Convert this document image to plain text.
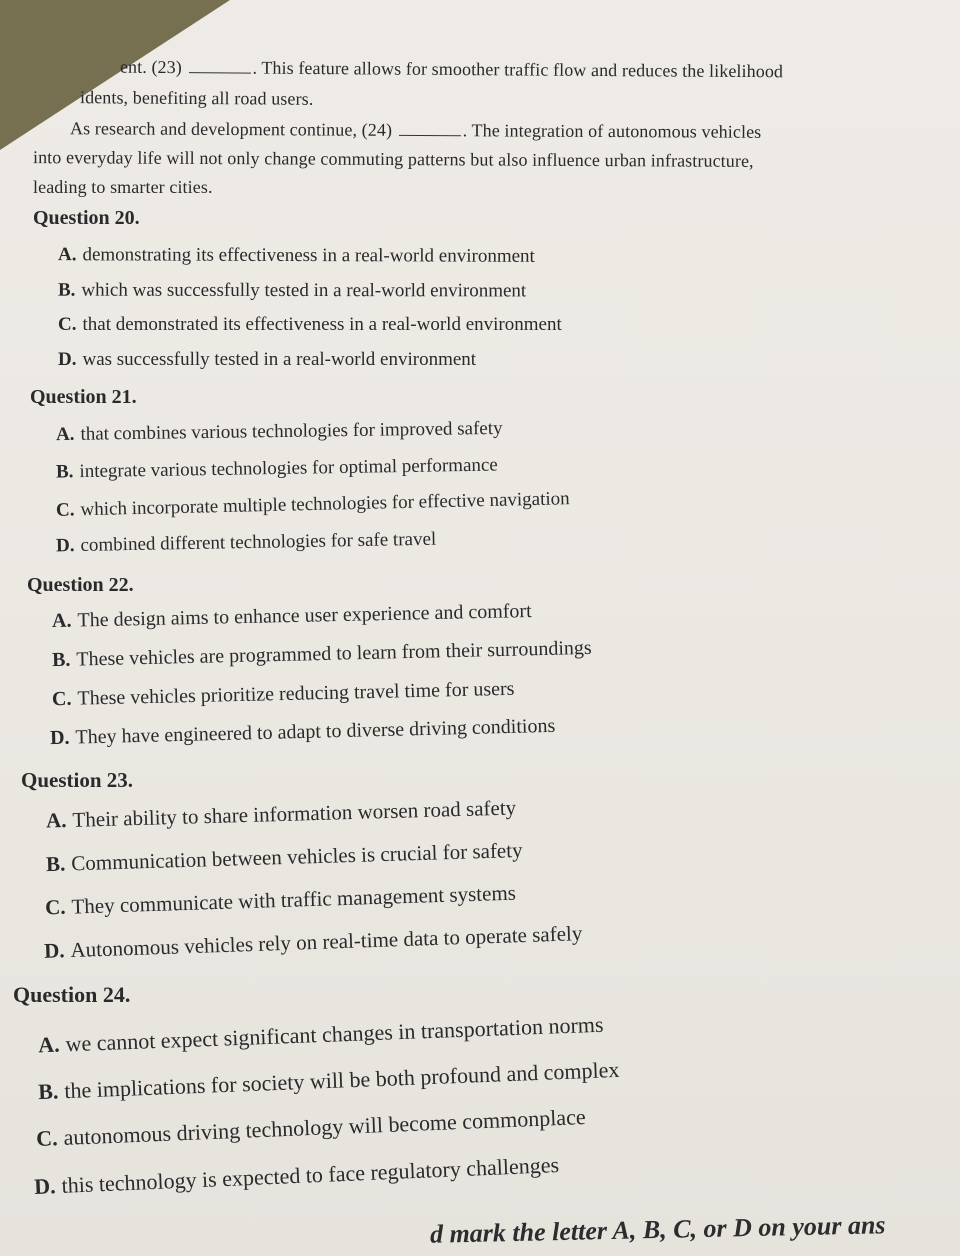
ent. (23)	. This feature allows for smoother traffic flow and reduces the likelihood
idents, benefiting all road users.
As research and development continue, (24)	. The integration of autonomous vehicles
into everyday life will not only change commuting patterns but also influence urban infrastructure,
leading to smarter cities.
Question 20.
A. demonstrating its effectiveness in a real-world environment
B. which was successfully tested in a real-world environment
C. that demonstrated its effectiveness in a real-world environment
D. was successfully tested in a real-world environment
Question 21.
A. that combines various technologies for improved safety
B. integrate various technologies for optimal performance
C. which incorporate multiple technologies for effective navigation
D. combined different technologies for safe travel
Question 22.
A. The design aims to enhance user experience and comfort
B. These vehicles are programmed to learn from their surroundings
C. These vehicles prioritize reducing travel time for users
D. They have engineered to adapt to diverse driving conditions
Question 23.
A. Their ability to share information worsen road safety
B. Communication between vehicles is crucial for safety
C. They communicate with traffic management systems
D. Autonomous vehicles rely on real-time data to operate safely
Question 24.
A. we cannot expect significant changes in transportation norms
B. the implications for society will be both profound and complex
C. autonomous driving technology will become commonplace
D. this technology is expected to face regulatory challenges
d mark the letter A, B, C, or D on your ans
